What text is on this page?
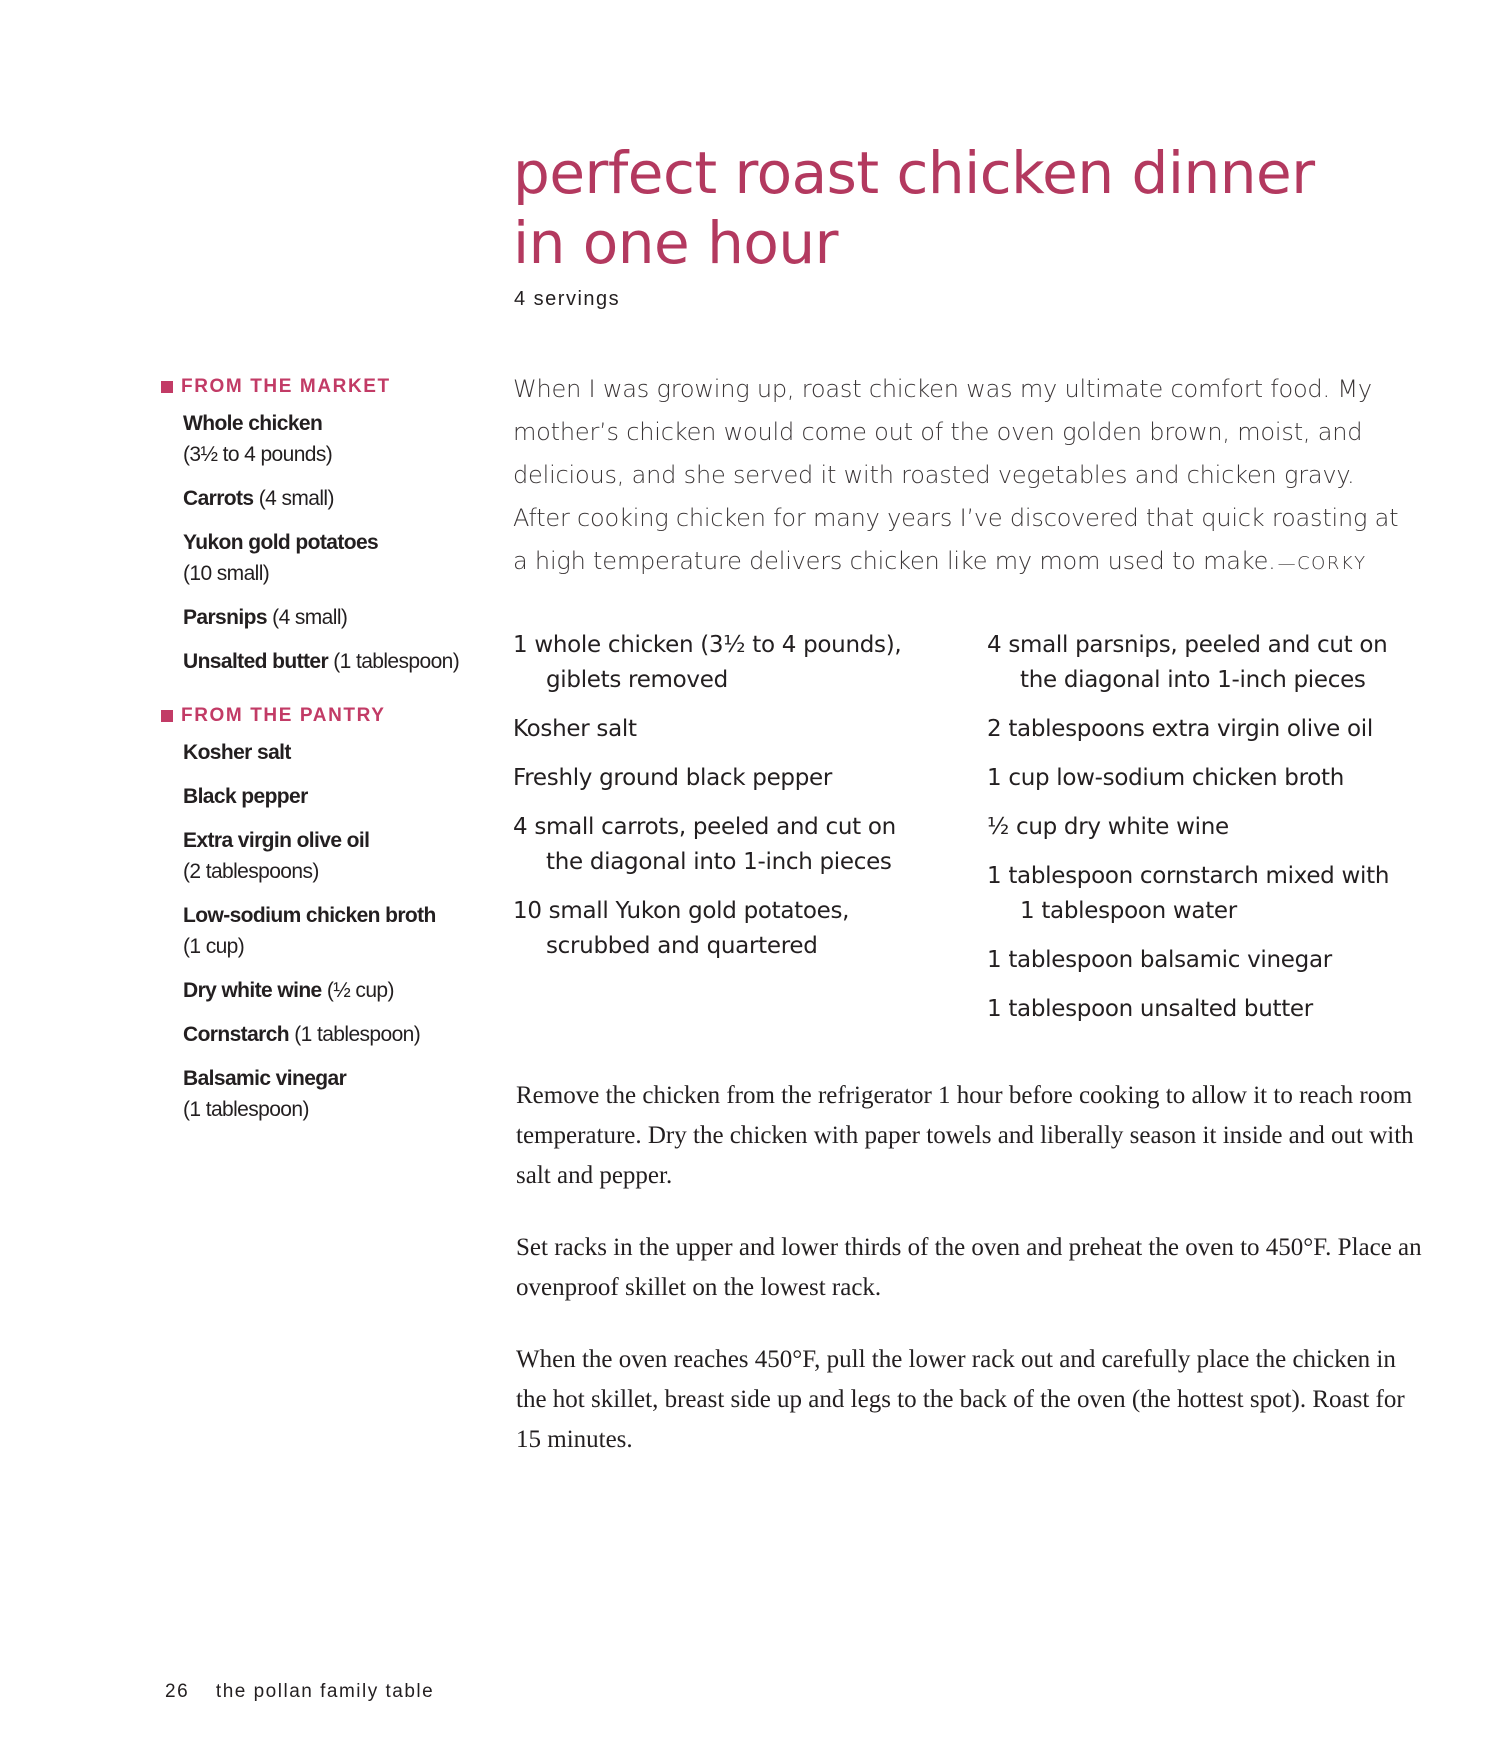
perfect roast chicken dinner
in one hour
4 servings
FROM THE MARKET
Whole chicken
(3½ to 4 pounds)
Carrots (4 small)
Yukon gold potatoes
(10 small)
Parsnips (4 small)
Unsalted butter (1 tablespoon)
FROM THE PANTRY
Kosher salt
Black pepper
Extra virgin olive oil
(2 tablespoons)
Low-sodium chicken broth
(1 cup)
Dry white wine (½ cup)
Cornstarch (1 tablespoon)
Balsamic vinegar
(1 tablespoon)

When I was growing up, roast chicken was my ultimate comfort food. My mother’s chicken would come out of the oven golden brown, moist, and delicious, and she served it with roasted vegetables and chicken gravy. After cooking chicken for many years I’ve discovered that quick roasting at a high temperature delivers chicken like my mom used to make. —CORKY

1 whole chicken (3½ to 4 pounds), giblets removed
Kosher salt
Freshly ground black pepper
4 small carrots, peeled and cut on the diagonal into 1-inch pieces
10 small Yukon gold potatoes, scrubbed and quartered
4 small parsnips, peeled and cut on the diagonal into 1-inch pieces
2 tablespoons extra virgin olive oil
1 cup low-sodium chicken broth
½ cup dry white wine
1 tablespoon cornstarch mixed with 1 tablespoon water
1 tablespoon balsamic vinegar
1 tablespoon unsalted butter

Remove the chicken from the refrigerator 1 hour before cooking to allow it to reach room temperature. Dry the chicken with paper towels and liberally season it inside and out with salt and pepper.

Set racks in the upper and lower thirds of the oven and preheat the oven to 450°F. Place an ovenproof skillet on the lowest rack.

When the oven reaches 450°F, pull the lower rack out and carefully place the chicken in the hot skillet, breast side up and legs to the back of the oven (the hottest spot). Roast for 15 minutes.

26 the pollan family table
